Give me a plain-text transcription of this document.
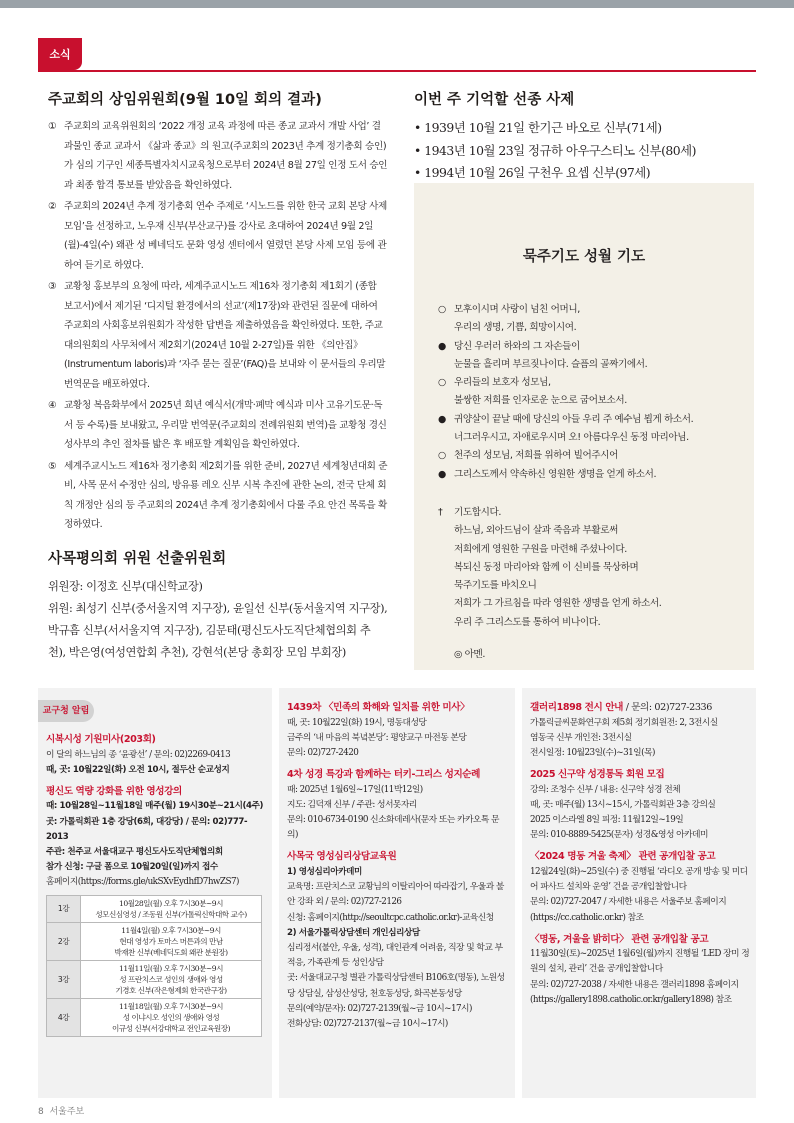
소식
주교회의 상임위원회(9월 10일 회의 결과)
① 주교회의 교육위원회의 ‘2022 개정 교육 과정에 따른 종교 교과서 개발 사업’ 결과물인 종교 교과서 《삶과 종교》의 원고(주교회의 2023년 추계 정기총회 승인)가 심의 기구인 세종특별자치시교육청으로부터 2024년 8월 27일 인정 도서 승인과 최종 합격 통보를 받았음을 확인하였다.
② 주교회의 2024년 추계 정기총회 연수 주제로 ‘시노드를 위한 한국 교회 본당 사제 모임’을 선정하고, 노우재 신부(부산교구)를 강사로 초대하여 2024년 9월 2일(월)-4일(수) 왜관 성 베네딕도 문화 영성 센터에서 열렸던 본당 사제 모임 등에 관하여 듣기로 하였다.
③ 교황청 홍보부의 요청에 따라, 세계주교시노드 제16차 정기총회 제1회기 (종합 보고서)에서 제기된 ‘디지털 환경에서의 선교’(제17장)와 관련된 질문에 대하여 주교회의 사회홍보위원회가 작성한 답변을 제출하였음을 확인하였다. 또한, 주교대의원회의 사무처에서 제2회기(2024년 10월 2-27일)를 위한 《의안집》(Instrumentum laboris)과 ‘자주 묻는 질문’(FAQ)을 보내와 이 문서들의 우리말 번역문을 배포하였다.
④ 교황청 복음화부에서 2025년 희년 예식서(개막·폐막 예식과 미사 고유기도문·독서 등 수록)를 보내왔고, 우리말 번역문(주교회의 전례위원회 번역)을 교황청 경신성사부의 추인 절차를 밟은 후 배포할 계획임을 확인하였다.
⑤ 세계주교시노드 제16차 정기총회 제2회기를 위한 준비, 2027년 세계청년대회 준비, 사목 문서 수정안 심의, 방유룡 레오 신부 시복 추진에 관한 논의, 전국 단체 회칙 개정안 심의 등 주교회의 2024년 추계 정기총회에서 다룰 주요 안건 목록을 확정하였다.
사목평의회 위원 선출위원회
위원장: 이정호 신부(대신학교장)
위원: 최성기 신부(중서울지역 지구장), 윤일선 신부(동서울지역 지구장), 박규흠 신부(서서울지역 지구장), 김문태(평신도사도직단체협의회 추천), 박은영(여성연합회 추천), 강현석(본당 총회장 모임 부회장)
이번 주 기억할 선종 사제
• 1939년 10월 21일 한기근 바오로 신부(71세)
• 1943년 10월 23일 정규하 아우구스티노 신부(80세)
• 1994년 10월 26일 구천우 요셉 신부(97세)
묵주기도 성월 기도
○ 모후이시며 사랑이 넘친 어머니,
우리의 생명, 기쁨, 희망이시여.
● 당신 우러러 하와의 그 자손들이
눈물을 흘리며 부르짖나이다. 슬픔의 골짜기에서.
○ 우리들의 보호자 성모님,
불쌍한 저희를 인자로운 눈으로 굽어보소서.
● 귀양살이 끝날 때에 당신의 아들 우리 주 예수님 뵙게 하소서.
너그러우시고, 자애로우시며 오! 아름다우신 동정 마리아님.
○ 천주의 성모님, 저희를 위하여 빌어주시어
● 그리스도께서 약속하신 영원한 생명을 얻게 하소서.
† 기도합시다.
하느님, 외아드님이 살과 죽음과 부활로써
저희에게 영원한 구원을 마련해 주셨나이다.
복되신 동정 마리아와 함께 이 신비를 묵상하며
묵주기도를 바치오니
저희가 그 가르침을 따라 영원한 생명을 얻게 하소서.
우리 주 그리스도를 통하여 비나이다.
◎ 아멘.
교구청 알림
시복시성 기원미사(203회)
이 달의 하느님의 종 ‘윤광선’ / 문의: 02)2269-0413
때, 곳: 10월22일(화) 오전 10시, 절두산 순교성지
평신도 역량 강화를 위한 영성강의
때: 10월28일~11월18일 매주(월) 19시30분~21시(4주)
곳: 가톨릭회관 1층 강당(6회, 대강당) / 문의: 02)777-2013
주관: 천주교 서울대교구 평신도사도직단체협의회
참가 신청: 구글 폼으로 10월20일(일)까지 접수
홈페이지(https://forms.gle/ukSXvEydhfD7hwZS7)
1강	10월28일(월) 오후 7시30분~9시
성모신심영성 / 조동원 신부(가톨릭신학대학 교수)

2강	11월4일(월) 오후 7시30분~9시
현대 영성가 토마스 머튼과의 만남
박재찬 신부(베네딕도회 왜관 분원장)

3강	11월11일(월) 오후 7시30분~9시
성 프란치스코 성인의 생애와 영성
기경호 신부(작은형제회 한국관구장)

4강	11월18일(월) 오후 7시30분~9시
성 이냐시오 성인의 생애와 영성
이규성 신부(서강대학교 전인교육원장)
1439차 〈민족의 화해와 일치를 위한 미사〉
때, 곳: 10월22일(화) 19시, 명동대성당
금주의 ‘내 마음의 북녘본당’: 평양교구 마전동 본당
문의: 02)727-2420
4차 성경 특강과 함께하는 터키-그리스 성지순례
때: 2025년 1월6일~17일(11박12일)
지도: 김덕재 신부 / 주관: 성서못자리
문의: 010-6734-0190 신소화데레사(문자 또는 카카오톡 문의)
사목국 영성심리상담교육원
1) 영성심리아카데미
교육명: 프란치스코 교황님의 이탈리아어 따라잡기, 우울과 불안 강좌 외 / 문의: 02)727-2126
신청: 홈페이지(http://seoultcpc.catholic.or.kr)-교육신청
2) 서울가톨릭상담센터 개인심리상담
심리정서(불안, 우울, 성격), 대인관계 어려움, 직장 및 학교 부적응, 가족관계 등 성인상담
곳: 서울대교구청 별관 가톨릭상담센터 B106호(명동), 노원성당 상담실, 삼성산성당, 천호동성당, 화곡본동성당
문의(예약/문자): 02)727-2139(월~금 10시~17시)
전화상담: 02)727-2137(월~금 10시~17시)
갤러리1898 전시 안내 / 문의: 02)727-2336
가톨릭글씨문화연구회 제5회 정기회원전: 2, 3전시실
염동국 신부 개인전: 3전시실
전시일정: 10월23일(수)~31일(목)
2025 신구약 성경통독 회원 모집
강의: 조청수 신부 / 내용: 신구약 성경 전체
때, 곳: 매주(월) 13시~15시, 가톨릭회관 3층 강의실
2025 이스라엘 8일 피정: 11월12일~19일
문의: 010-8889-5425(문자) 성경&영성 아카데미
〈2024 명동 겨울 축제〉 관련 공개입찰 공고
12월24일(화)~25일(수) 중 진행될 ‘라디오 공개 방송 및 미디어 파사드 설치와 운영’ 건을 공개입찰합니다
문의: 02)727-2047 / 자세한 내용은 서울주보 홈페이지(https://cc.catholic.or.kr) 참조
〈명동, 겨울을 밝히다〉 관련 공개입찰 공고
11월30일(토)~2025년 1월6일(월)까지 진행될 ‘LED 장미 정원의 설치, 관리’ 건을 공개입찰합니다
문의: 02)727-2038 / 자세한 내용은 갤러리1898 홈페이지(https://gallery1898.catholic.or.kr/gallery1898) 참조
8 서울주보
